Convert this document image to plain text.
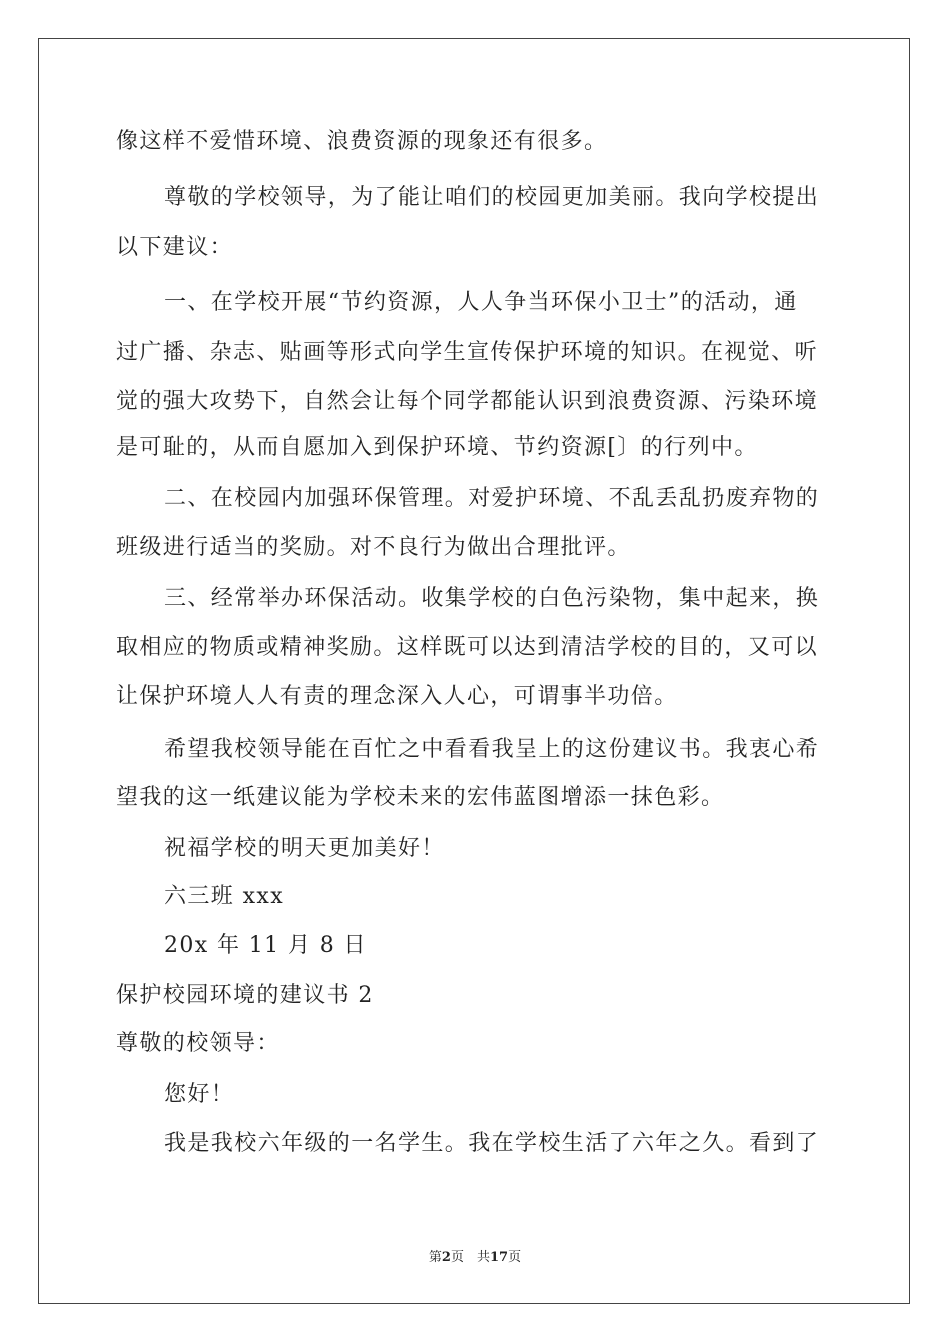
像这样不爱惜环境、浪费资源的现象还有很多。
尊敬的学校领导，为了能让咱们的校园更加美丽。我向学校提出
以下建议：
一、在学校开展“节约资源，人人争当环保小卫士”的活动，通
过广播、杂志、贴画等形式向学生宣传保护环境的知识。在视觉、听
觉的强大攻势下，自然会让每个同学都能认识到浪费资源、污染环境
是可耻的，从而自愿加入到保护环境、节约资源[〕的行列中。
二、在校园内加强环保管理。对爱护环境、不乱丢乱扔废弃物的
班级进行适当的奖励。对不良行为做出合理批评。
三、经常举办环保活动。收集学校的白色污染物，集中起来，换
取相应的物质或精神奖励。这样既可以达到清洁学校的目的，又可以
让保护环境人人有责的理念深入人心，可谓事半功倍。
希望我校领导能在百忙之中看看我呈上的这份建议书。我衷心希
望我的这一纸建议能为学校未来的宏伟蓝图增添一抹色彩。
祝福学校的明天更加美好！
六三班 xxx
20x 年 11 月 8 日
保护校园环境的建议书 2
尊敬的校领导：
您好！
我是我校六年级的一名学生。我在学校生活了六年之久。看到了
第2页　共17页
